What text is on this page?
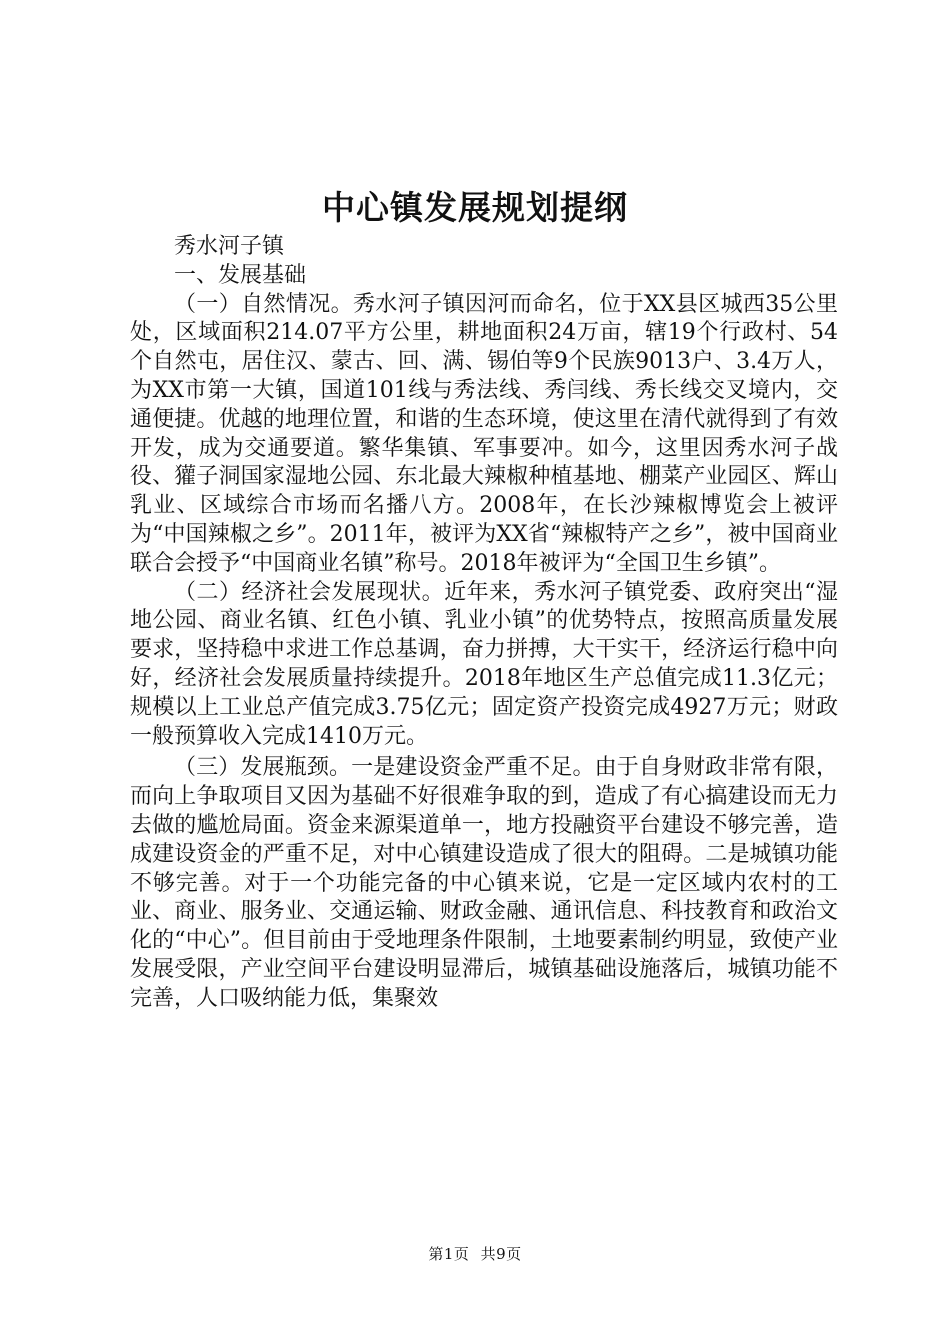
中心镇发展规划提纲

秀水河子镇

一、发展基础

（一）自然情况。秀水河子镇因河而命名，位于XX县区城西35公里处，区域面积214.07平方公里，耕地面积24万亩，辖19个行政村、54个自然屯，居住汉、蒙古、回、满、锡伯等9个民族9013户、3.4万人，为XX市第一大镇，国道101线与秀法线、秀闫线、秀长线交叉境内，交通便捷。优越的地理位置，和谐的生态环境，使这里在清代就得到了有效开发，成为交通要道。繁华集镇、军事要冲。如今，这里因秀水河子战役、獾子洞国家湿地公园、东北最大辣椒种植基地、棚菜产业园区、辉山乳业、区域综合市场而名播八方。2008年，在长沙辣椒博览会上被评为“中国辣椒之乡”。2011年，被评为XX省“辣椒特产之乡”，被中国商业联合会授予“中国商业名镇”称号。2018年被评为“全国卫生乡镇”。

（二）经济社会发展现状。近年来，秀水河子镇党委、政府突出“湿地公园、商业名镇、红色小镇、乳业小镇”的优势特点，按照高质量发展要求，坚持稳中求进工作总基调，奋力拼搏，大干实干，经济运行稳中向好，经济社会发展质量持续提升。2018年地区生产总值完成11.3亿元；规模以上工业总产值完成3.75亿元；固定资产投资完成4927万元；财政一般预算收入完成1410万元。

（三）发展瓶颈。一是建设资金严重不足。由于自身财政非常有限，而向上争取项目又因为基础不好很难争取的到，造成了有心搞建设而无力去做的尴尬局面。资金来源渠道单一，地方投融资平台建设不够完善，造成建设资金的严重不足，对中心镇建设造成了很大的阻碍。二是城镇功能不够完善。对于一个功能完备的中心镇来说，它是一定区域内农村的工业、商业、服务业、交通运输、财政金融、通讯信息、科技教育和政治文化的“中心”。但目前由于受地理条件限制，土地要素制约明显，致使产业发展受限，产业空间平台建设明显滞后，城镇基础设施落后，城镇功能不完善，人口吸纳能力低，集聚效

第1页 共9页
